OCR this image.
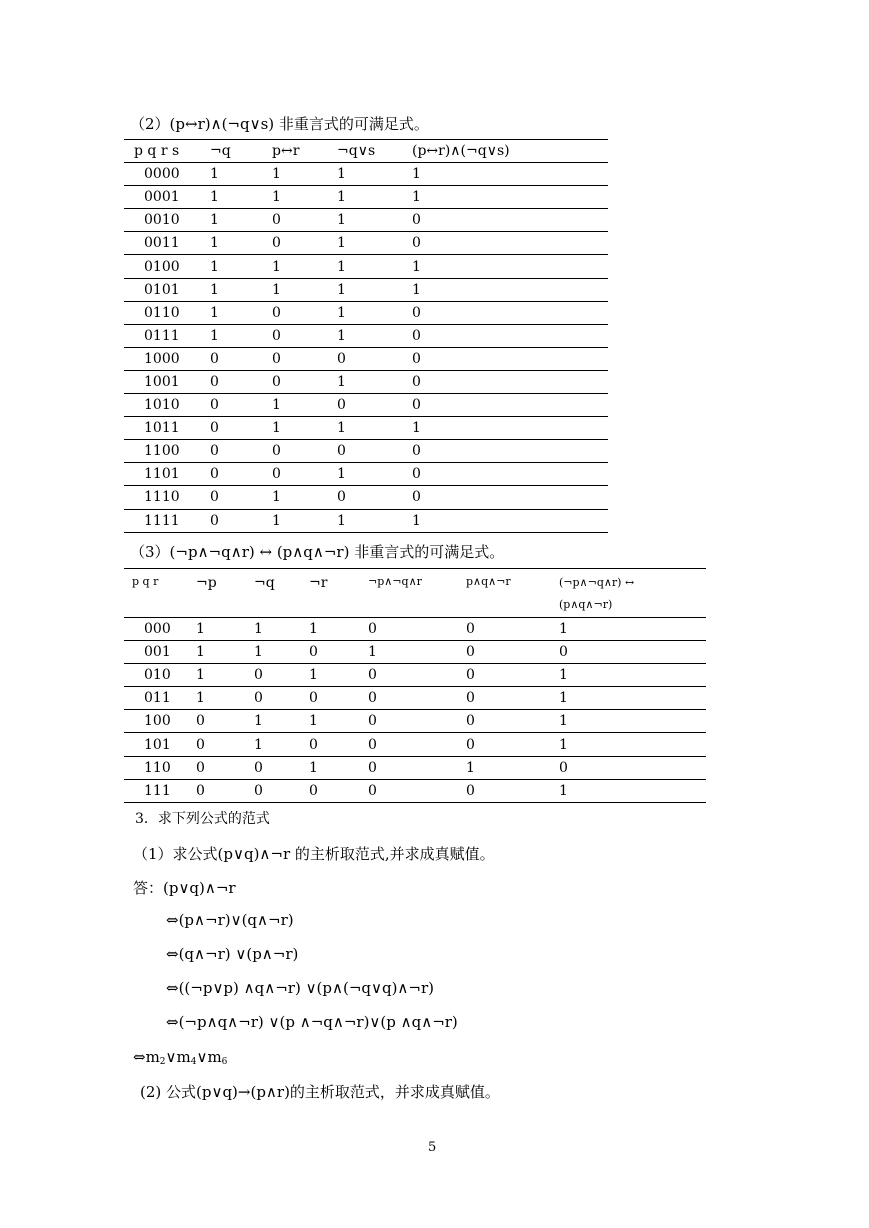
（2）(p↔r)∧(¬q∨s) 非重言式的可满足式。
p q r s	¬q	p↔r	¬q∨s	(p↔r)∧(¬q∨s)
0000	1	1	1	1
0001	1	1	1	1
0010	1	0	1	0
0011	1	0	1	0
0100	1	1	1	1
0101	1	1	1	1
0110	1	0	1	0
0111	1	0	1	0
1000	0	0	0	0
1001	0	0	1	0
1010	0	1	0	0
1011	0	1	1	1
1100	0	0	0	0
1101	0	0	1	0
1110	0	1	0	0
1111	0	1	1	1
（3）(¬p∧¬q∧r) ↔ (p∧q∧¬r) 非重言式的可满足式。
p q r	¬p	¬q	¬r	¬p∧¬q∧r	p∧q∧¬r	(¬p∧¬q∧r) ↔
(p∧q∧¬r)

000	1	1	1	0	0	1
001	1	1	0	1	0	0
010	1	0	1	0	0	1
011	1	0	0	0	0	1
100	0	1	1	0	0	1
101	0	1	0	0	0	1
110	0	0	1	0	1	0
111	0	0	0	0	0	1
3．求下列公式的范式
（1）求公式(p∨q)∧¬r 的主析取范式,并求成真赋值。
答：(p∨q)∧¬r
⇔(p∧¬r)∨(q∧¬r)
⇔(q∧¬r) ∨(p∧¬r)
⇔((¬p∨p) ∧q∧¬r) ∨(p∧(¬q∨q)∧¬r)
⇔(¬p∧q∧¬r) ∨(p ∧¬q∧¬r)∨(p ∧q∧¬r)
$\Leftrightarrow m_2\vee m_4\vee m_6$
(2) 公式(p∨q)→(p∧r)的主析取范式，并求成真赋值。
5
